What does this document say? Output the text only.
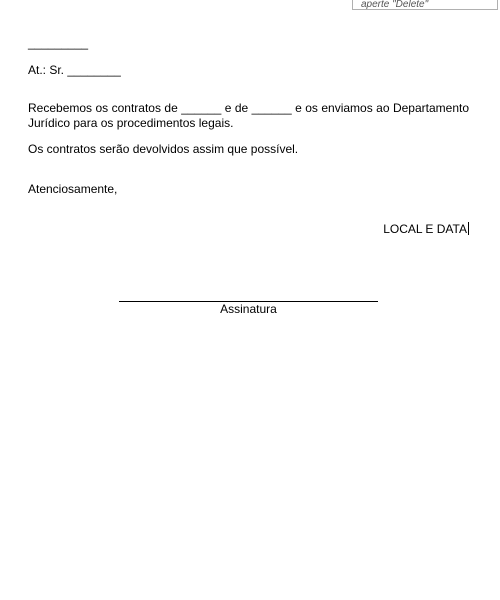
aperte "Delete"
_________
At.: Sr. ________
Recebemos os contratos de ______ e de ______ e os enviamos ao Departamento Jurídico para os procedimentos legais.
Os contratos serão devolvidos assim que possível.
Atenciosamente,
LOCAL E DATA
Assinatura
